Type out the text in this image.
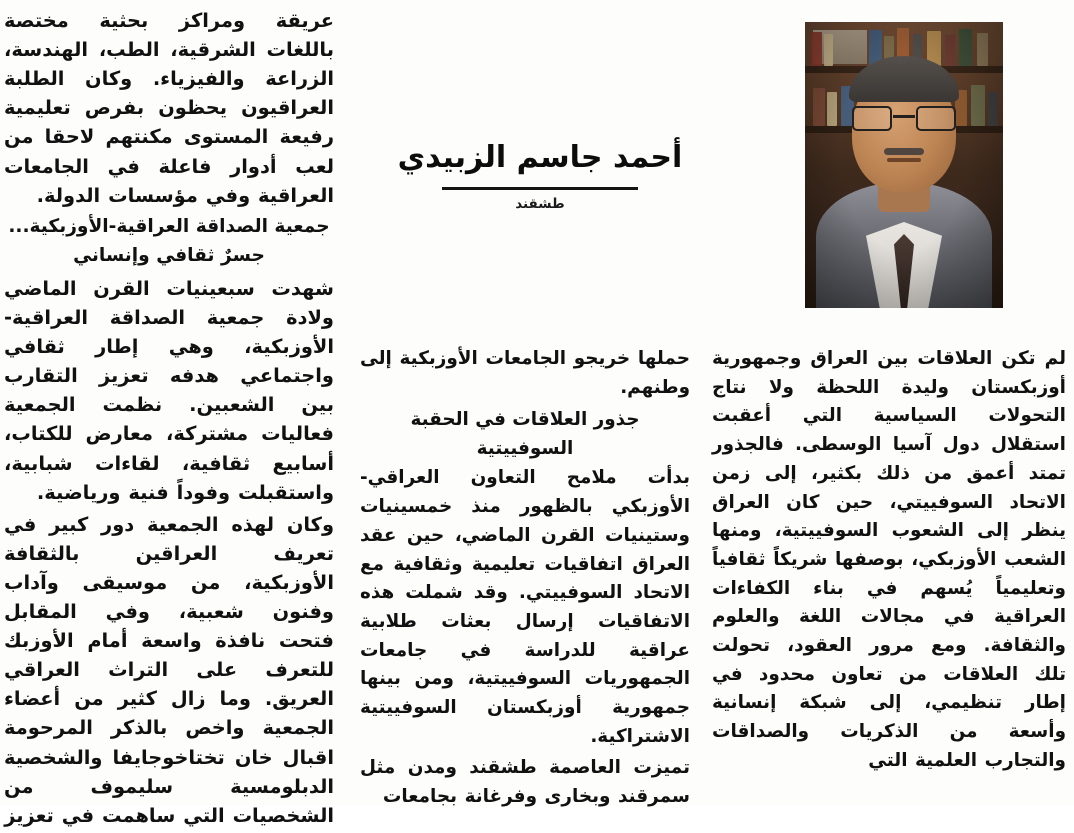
عريقة ومراكز بحثية مختصة باللغات الشرقية، الطب، الهندسة، الزراعة والفيزياء. وكان الطلبة العراقيون يحظون بفرص تعليمية رفيعة المستوى مكنتهم لاحقا من لعب أدوار فاعلة في الجامعات العراقية وفي مؤسسات الدولة.

جمعية الصداقة العراقية-الأوزبكية...

جسرٌ ثقافي وإنساني

شهدت سبعينيات القرن الماضي ولادة جمعية الصداقة العراقية-الأوزبكية، وهي إطار ثقافي واجتماعي هدفه تعزيز التقارب بين الشعبين. نظمت الجمعية فعاليات مشتركة، معارض للكتاب، أسابيع ثقافية، لقاءات شبابية، واستقبلت وفوداً فنية ورياضية.

وكان لهذه الجمعية دور كبير في تعريف العراقين بالثقافة الأوزبكية، من موسيقى وآداب وفنون شعبية، وفي المقابل فتحت نافذة واسعة أمام الأوزبك للتعرف على التراث العراقي العريق. وما زال كثير من أعضاء الجمعية واخص بالذكر المرحومة اقبال خان تختاخوجايفا والشخصية الدبلومسية سليموف من الشخصيات التي ساهمت في تعزيز

أحمد جاسم الزبيدي
طشقند

حملها خريجو الجامعات الأوزبكية إلى وطنهم.

جذور العلاقات في الحقبة السوفييتية

بدأت ملامح التعاون العراقي-الأوزبكي بالظهور منذ خمسينيات وستينيات القرن الماضي، حين عقد العراق اتفاقيات تعليمية وثقافية مع الاتحاد السوفييتي. وقد شملت هذه الاتفاقيات إرسال بعثات طلابية عراقية للدراسة في جامعات الجمهوريات السوفييتية، ومن بينها جمهورية أوزبكستان السوفييتية الاشتراكية.

تميزت العاصمة طشقند ومدن مثل سمرقند وبخارى وفرغانة بجامعات

لم تكن العلاقات بين العراق وجمهورية أوزبكستان وليدة اللحظة ولا نتاج التحولات السياسية التي أعقبت استقلال دول آسيا الوسطى. فالجذور تمتد أعمق من ذلك بكثير، إلى زمن الاتحاد السوفييتي، حين كان العراق ينظر إلى الشعوب السوفييتية، ومنها الشعب الأوزبكي، بوصفها شريكاً ثقافياً وتعليمياً يُسهم في بناء الكفاءات العراقية في مجالات اللغة والعلوم والثقافة. ومع مرور العقود، تحولت تلك العلاقات من تعاون محدود في إطار تنظيمي، إلى شبكة إنسانية وأسعة من الذكريات والصداقات والتجارب العلمية التي
